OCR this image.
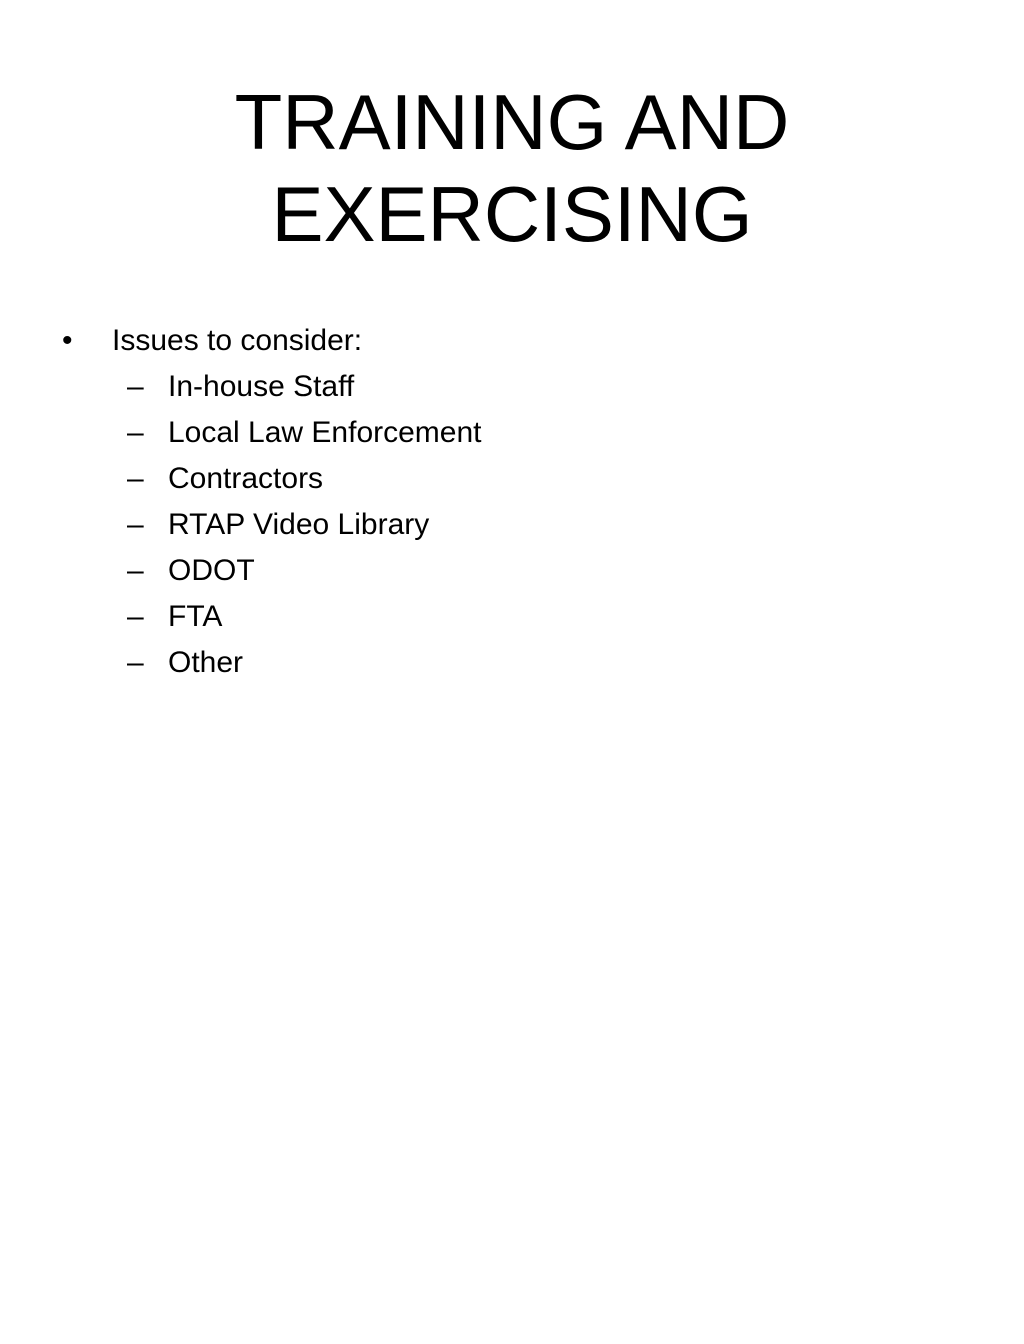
TRAINING AND
EXERCISING
• Issues to consider:
– In-house Staff
– Local Law Enforcement
– Contractors
– RTAP Video Library
– ODOT
– FTA
– Other
